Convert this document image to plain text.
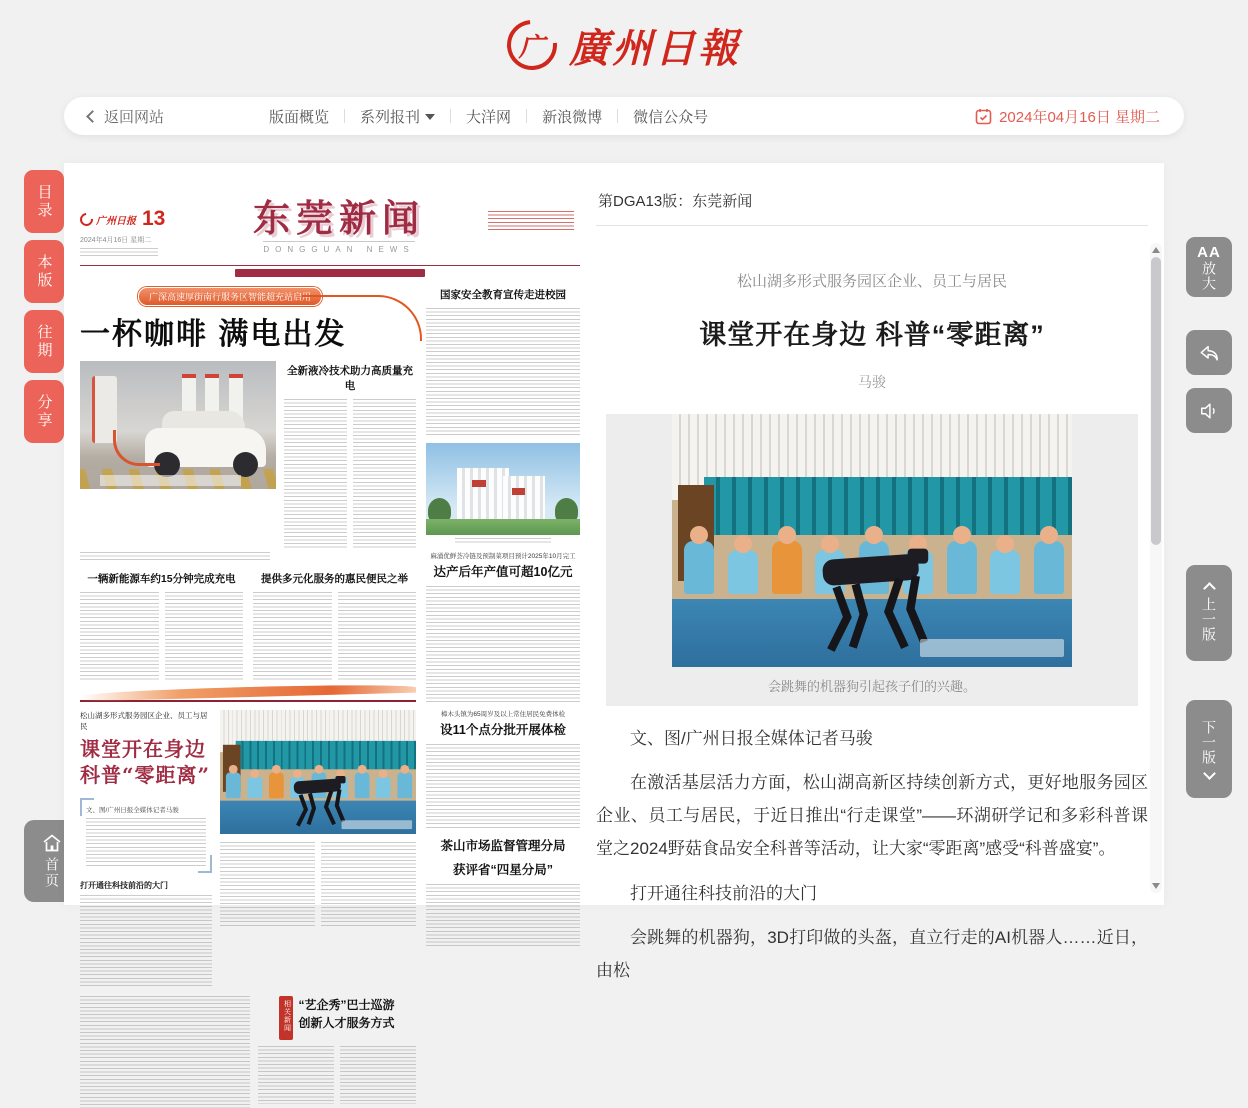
广 廣州日報
返回网站	版面概览 系列报刊	大洋网 新浪微博 微信公众号	2024年04月16日 星期二
目录
本版
往期
分享
首页
广州日报 13
2024年4月16日 星期二
东莞新闻
DONGGUAN NEWS
广深高速厚街南行服务区智能超充站启用
一杯咖啡 满电出发
全新液冷技术助力高质量充电
一辆新能源车约15分钟完成充电	提供多元化服务的惠民便民之举
松山湖多形式服务园区企业、员工与居民
课堂开在身边
科普“零距离”
文、图/广州日报全媒体记者马骏
打开通往科技前沿的大门
相关新闻 “艺企秀”巴士巡游
创新人才服务方式
国家安全教育宣传走进校园
麻涌优鲜荟冷链及预制菜项目预计2025年10月完工
达产后年产值可超10亿元
樟木头镇为65周岁及以上常住居民免费体检
设11个点分批开展体检
茶山市场监督管理分局
获评省“四星分局”
第DGA13版：东莞新闻
松山湖多形式服务园区企业、员工与居民
课堂开在身边 科普“零距离”
马骏
会跳舞的机器狗引起孩子们的兴趣。

文、图/广州日报全媒体记者马骏

在激活基层活力方面，松山湖高新区持续创新方式，更好地服务园区企业、员工与居民，于近日推出“行走课堂”——环湖研学记和多彩科普课堂之2024野菇食品安全科普等活动，让大家“零距离”感受“科普盛宴”。

打开通往科技前沿的大门

会跳舞的机器狗，3D打印做的头盔，直立行走的AI机器人……近日，由松

AA
放大
上一版
下一版
